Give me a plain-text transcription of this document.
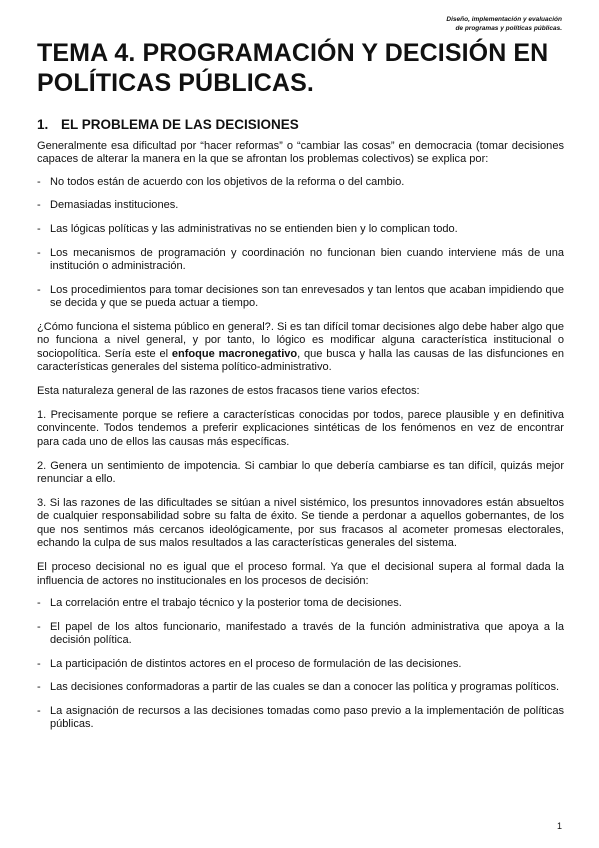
Diseño, implementación y evaluación
de programas y políticas públicas.
TEMA 4. PROGRAMACIÓN Y DECISIÓN EN POLÍTICAS PÚBLICAS.
1. EL PROBLEMA DE LAS DECISIONES

Generalmente esa dificultad por “hacer reformas” o “cambiar las cosas” en democracia (tomar decisiones capaces de alterar la manera en la que se afrontan los problemas colectivos) se explica por:

- No todos están de acuerdo con los objetivos de la reforma o del cambio.
- Demasiadas instituciones.
- Las lógicas políticas y las administrativas no se entienden bien y lo complican todo.
- Los mecanismos de programación y coordinación no funcionan bien cuando interviene más de una institución o administración.
- Los procedimientos para tomar decisiones son tan enrevesados y tan lentos que acaban impidiendo que se decida y que se pueda actuar a tiempo.

¿Cómo funciona el sistema público en general?. Si es tan difícil tomar decisiones algo debe haber algo que no funciona a nivel general, y por tanto, lo lógico es modificar alguna característica institucional o sociopolítica. Sería este el enfoque macronegativo, que busca y halla las causas de las disfunciones en características generales del sistema político-administrativo.

Esta naturaleza general de las razones de estos fracasos tiene varios efectos:

1. Precisamente porque se refiere a características conocidas por todos, parece plausible y en definitiva convincente. Todos tendemos a preferir explicaciones sintéticas de los fenómenos en vez de encontrar para cada uno de ellos las causas más específicas.

2. Genera un sentimiento de impotencia. Si cambiar lo que debería cambiarse es tan difícil, quizás mejor renunciar a ello.

3. Si las razones de las dificultades se sitúan a nivel sistémico, los presuntos innovadores están absueltos de cualquier responsabilidad sobre su falta de éxito. Se tiende a perdonar a aquellos gobernantes, de los que nos sentimos más cercanos ideológicamente, por sus fracasos al acometer promesas electorales, echando la culpa de sus malos resultados a las características generales del sistema.

El proceso decisional no es igual que el proceso formal. Ya que el decisional supera al formal dada la influencia de actores no institucionales en los procesos de decisión:

- La correlación entre el trabajo técnico y la posterior toma de decisiones.
- El papel de los altos funcionario, manifestado a través de la función administrativa que apoya a la decisión política.
- La participación de distintos actores en el proceso de formulación de las decisiones.
- Las decisiones conformadoras a partir de las cuales se dan a conocer las política y programas políticos.
- La asignación de recursos a las decisiones tomadas como paso previo a la implementación de políticas públicas.
1
